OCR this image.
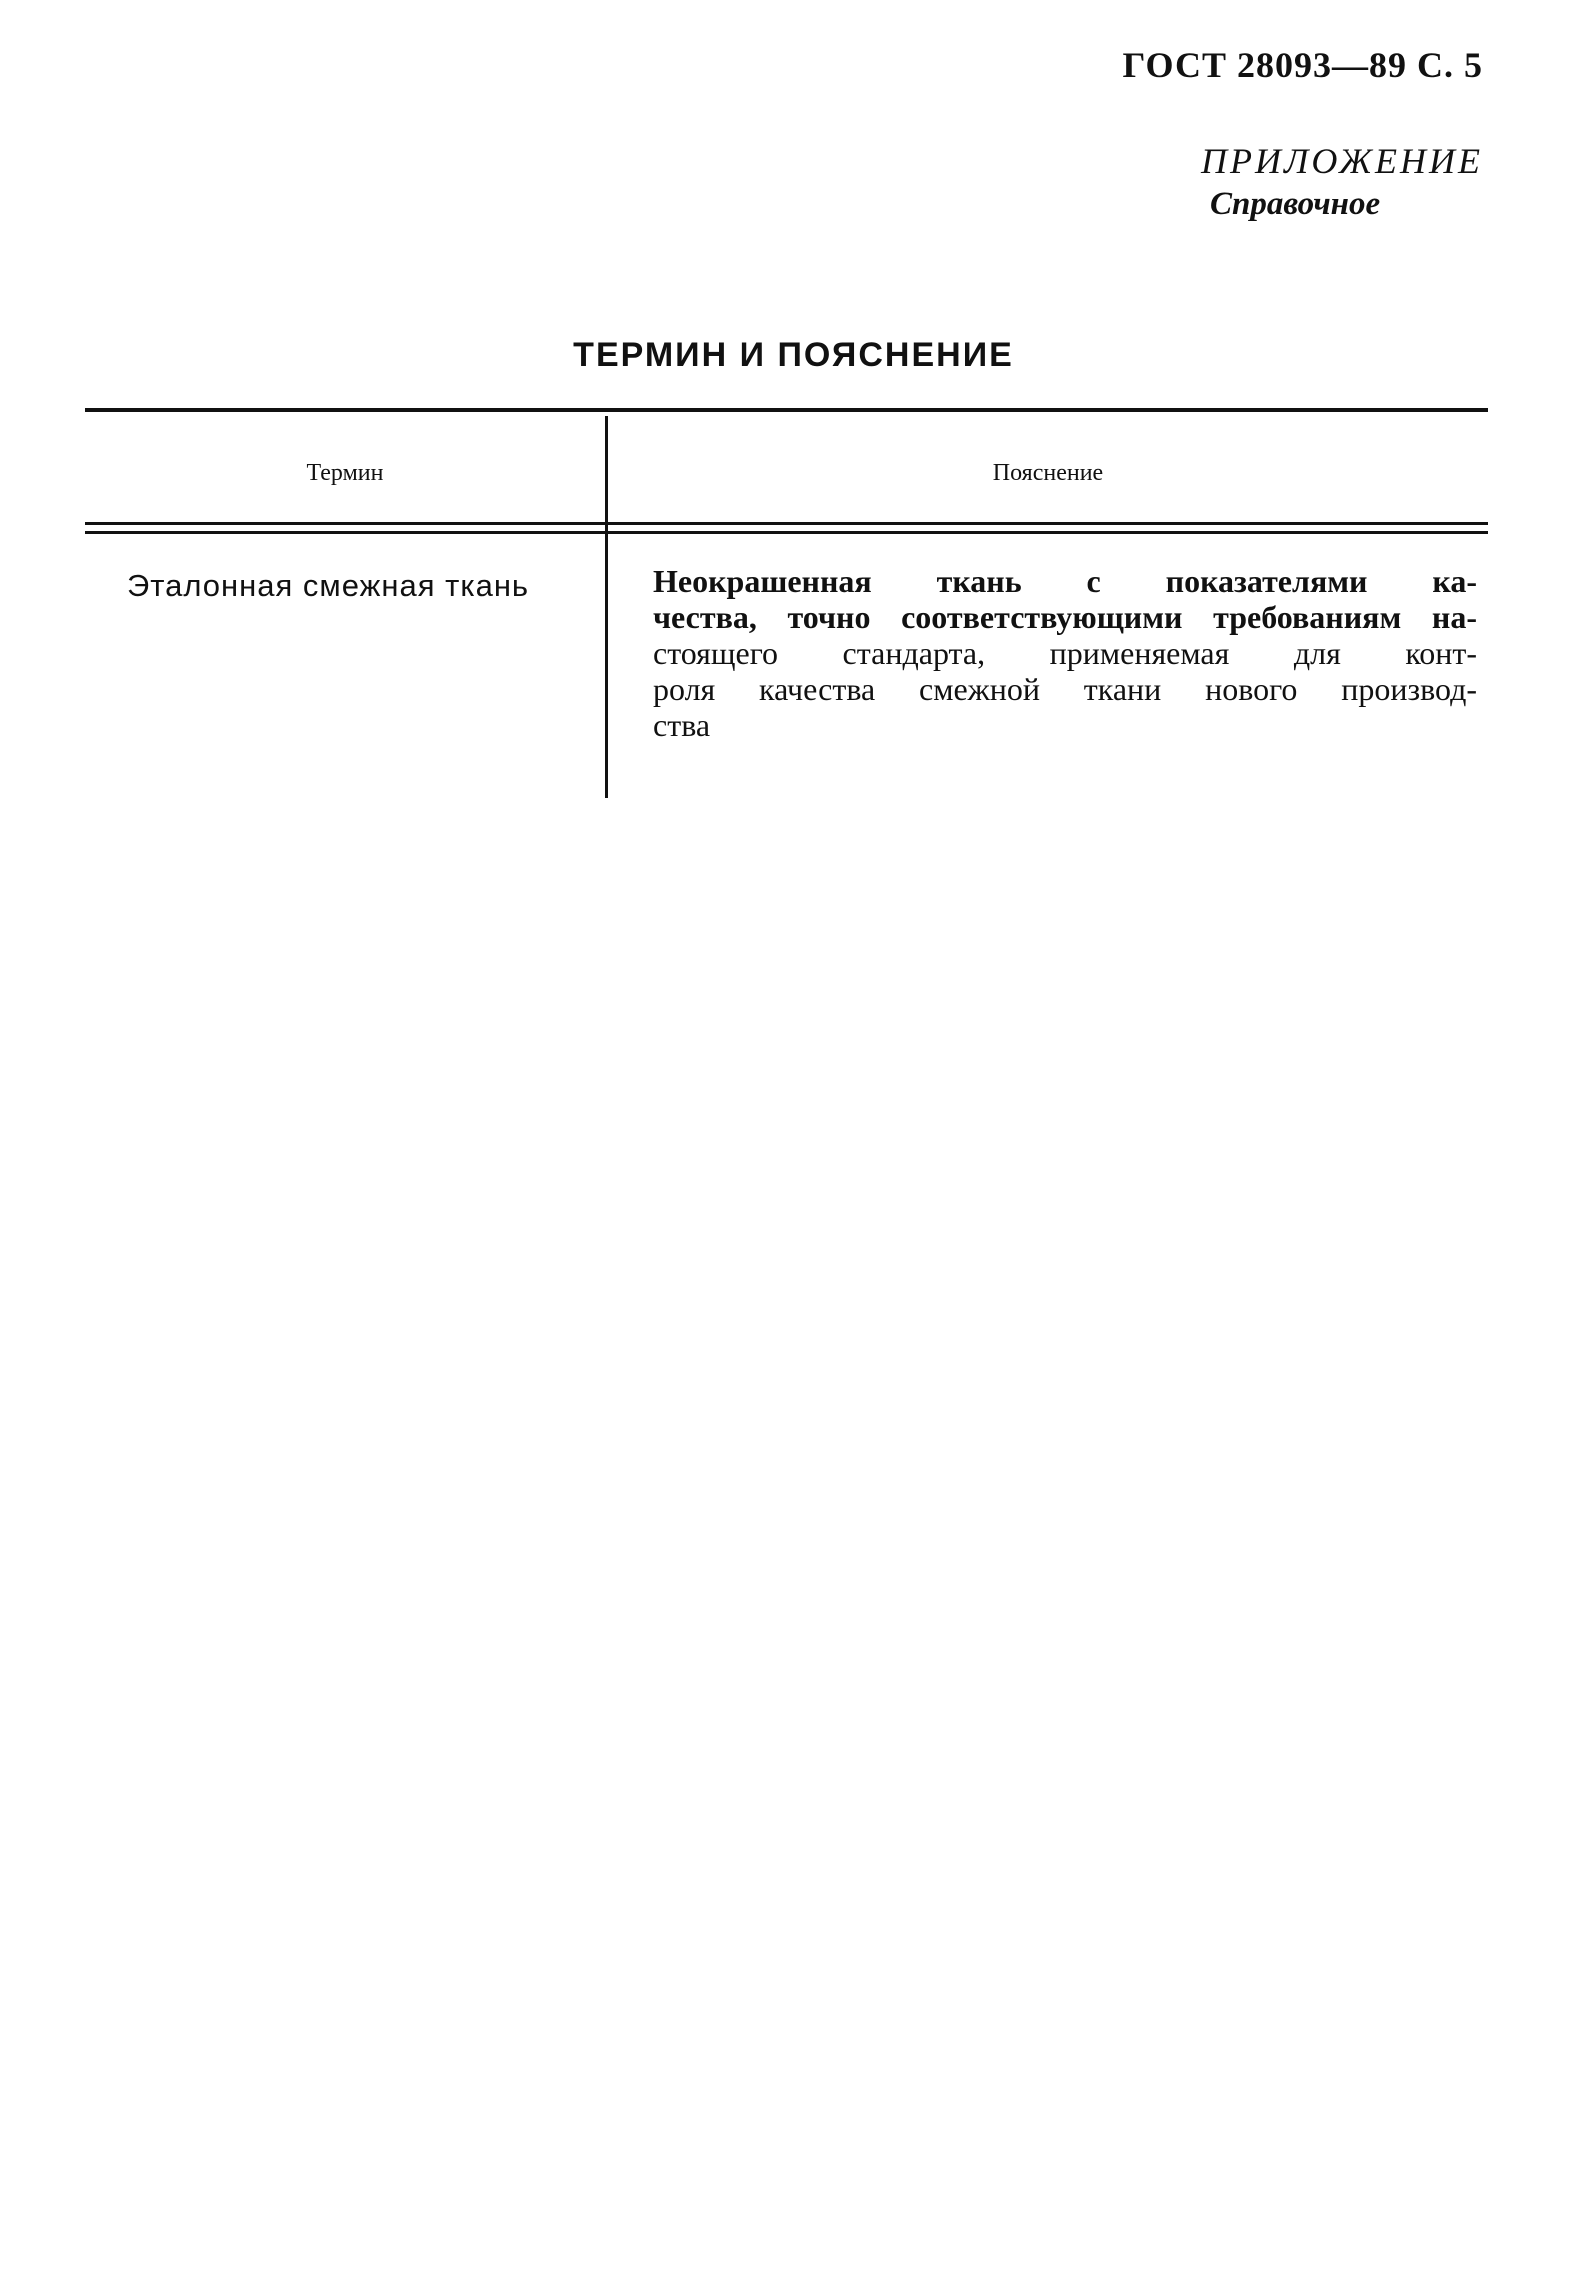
ГОСТ 28093—89 С. 5
ПРИЛОЖЕНИЕ
Справочное
ТЕРМИН И ПОЯСНЕНИЕ
Термин	Пояснение
Эталонная смежная ткань	Неокрашенная ткань с показателями ка-
чества, точно соответствующими требованиям на-
стоящего стандарта, применяемая для конт-
роля качества смежной ткани нового производ-
ства
